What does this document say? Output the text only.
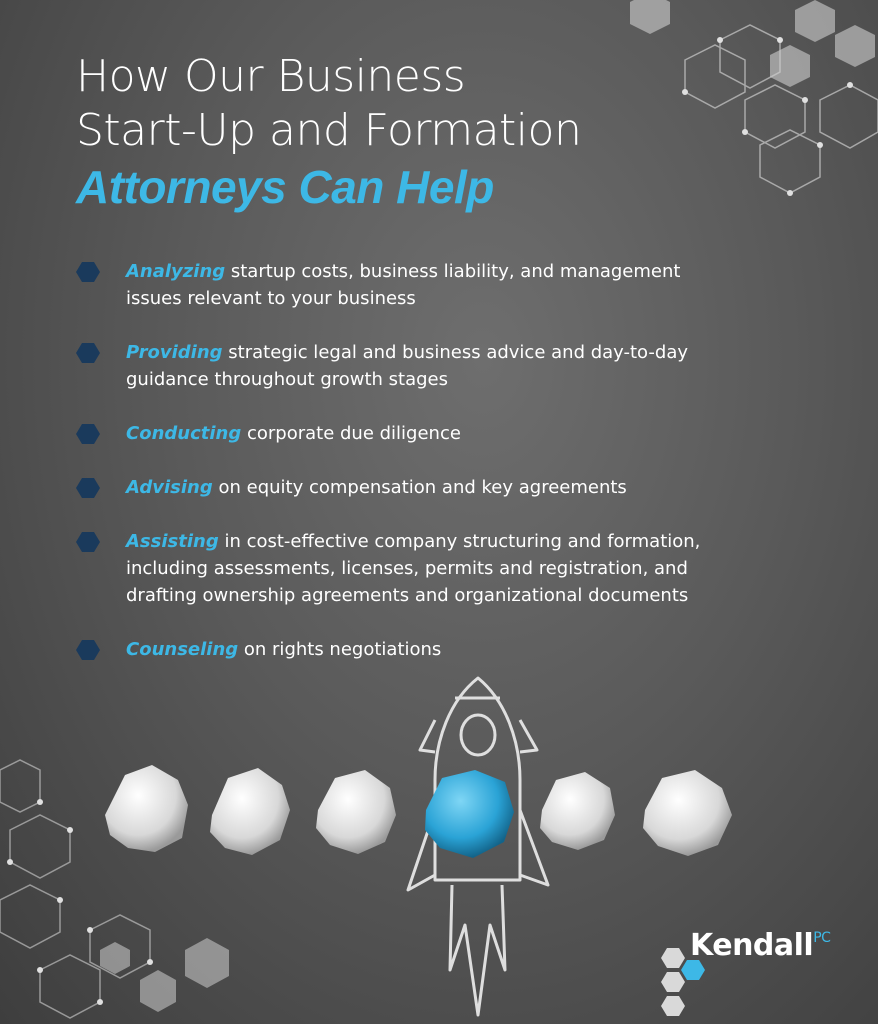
How Our Business
Start-Up and Formation
Attorneys Can Help
Analyzing startup costs, business liability, and management issues relevant to your business
Providing strategic legal and business advice and day-to-day guidance throughout growth stages
Conducting corporate due diligence
Advising on equity compensation and key agreements
Assisting in cost-effective company structuring and formation, including assessments, licenses, permits and registration, and drafting ownership agreements and organizational documents
Counseling on rights negotiations
Kendall$^{PC}$
